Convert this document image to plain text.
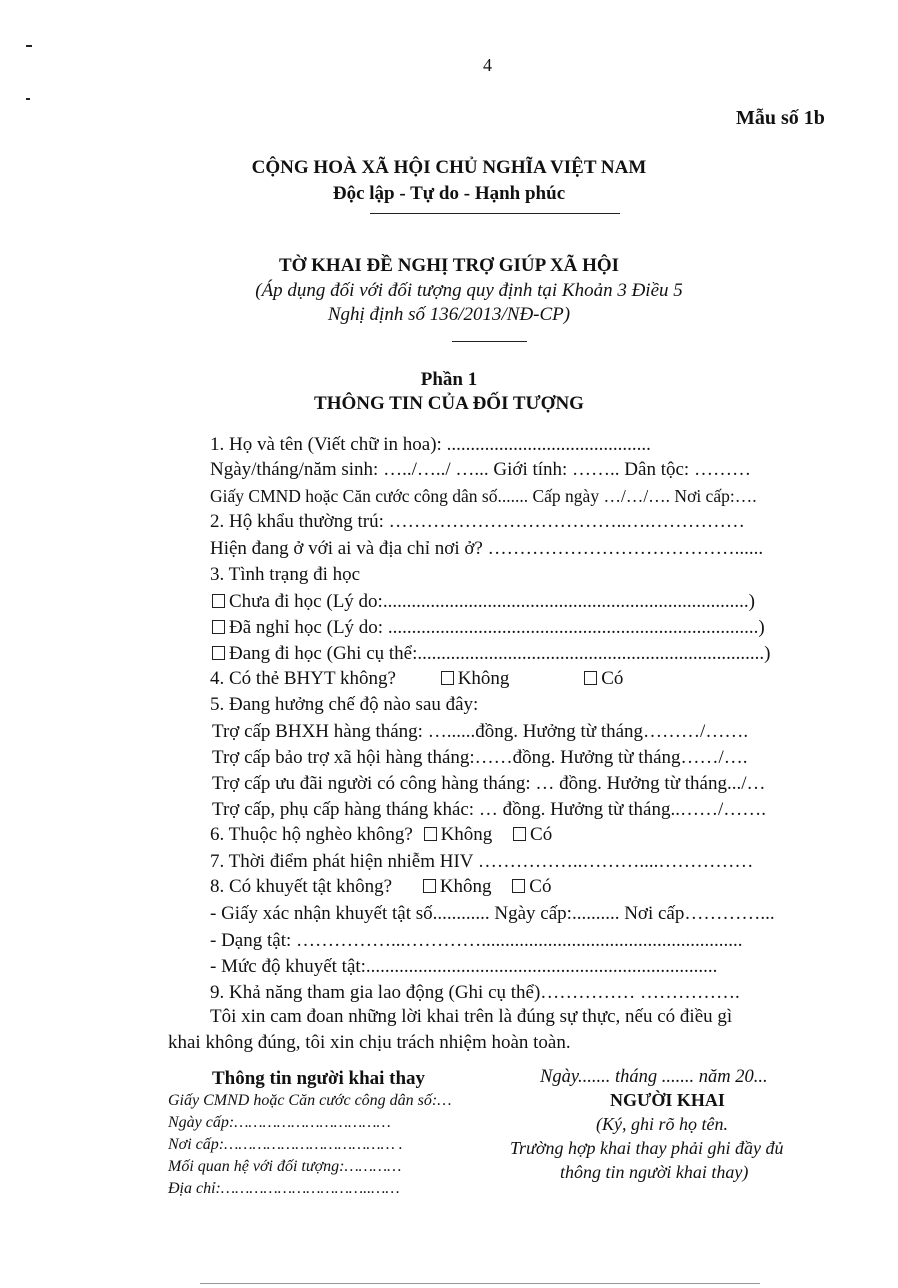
4
Mẫu số 1b
CỘNG HOÀ XÃ HỘI CHỦ NGHĨA VIỆT NAM
Độc lập - Tự do - Hạnh phúc
TỜ KHAI ĐỀ NGHỊ TRỢ GIÚP XÃ HỘI
(Áp dụng đối với đối tượng quy định tại Khoản 3 Điều 5
Nghị định số 136/2013/NĐ-CP)
Phần 1
THÔNG TIN CỦA ĐỐI TƯỢNG
1. Họ và tên (Viết chữ in hoa): ...........................................
Ngày/tháng/năm sinh: …../…../ …... Giới tính: …….. Dân tộc: ………
Giấy CMND hoặc Căn cước công dân số....... Cấp ngày …/…/…. Nơi cấp:….
2. Hộ khẩu thường trú: ………………………………..….……………
Hiện đang ở với ai và địa chỉ nơi ở? …………………………………......
3. Tình trạng đi học
Chưa đi học (Lý do:.............................................................................)
Đã nghỉ học (Lý do: ..............................................................................)
Đang đi học (Ghi cụ thể:.........................................................................)
4. Có thẻ BHYT không?	Không	Có
5. Đang hưởng chế độ nào sau đây:
Trợ cấp BHXH hàng tháng: …......đồng. Hưởng từ tháng………/…….
Trợ cấp bảo trợ xã hội hàng tháng:……đồng. Hưởng từ tháng……/….
Trợ cấp ưu đãi người có công hàng tháng: … đồng. Hưởng từ tháng.../…
Trợ cấp, phụ cấp hàng tháng khác: … đồng. Hưởng từ tháng..……/…….
6. Thuộc hộ nghèo không? Không Có
7. Thời điểm phát hiện nhiễm HIV ……………..………....……………
8. Có khuyết tật không?	Không Có
- Giấy xác nhận khuyết tật số............ Ngày cấp:.......... Nơi cấp…………...
- Dạng tật: ……………...………….......................................................
- Mức độ khuyết tật:..........................................................................
9. Khả năng tham gia lao động (Ghi cụ thể)…………… …………….
Tôi xin cam đoan những lời khai trên là đúng sự thực, nếu có điều gì
khai không đúng, tôi xin chịu trách nhiệm hoàn toàn.
Thông tin người khai thay
Giấy CMND hoặc Căn cước công dân số:…
Ngày cấp:……………………………
Nơi cấp:……………………………… .
Mối quan hệ với đối tượng:…………
Địa chỉ:…………………………..……
Ngày....... tháng ....... năm 20...
NGƯỜI KHAI
(Ký, ghi rõ họ tên.
Trường hợp khai thay phải ghi đầy đủ
thông tin người khai thay)
